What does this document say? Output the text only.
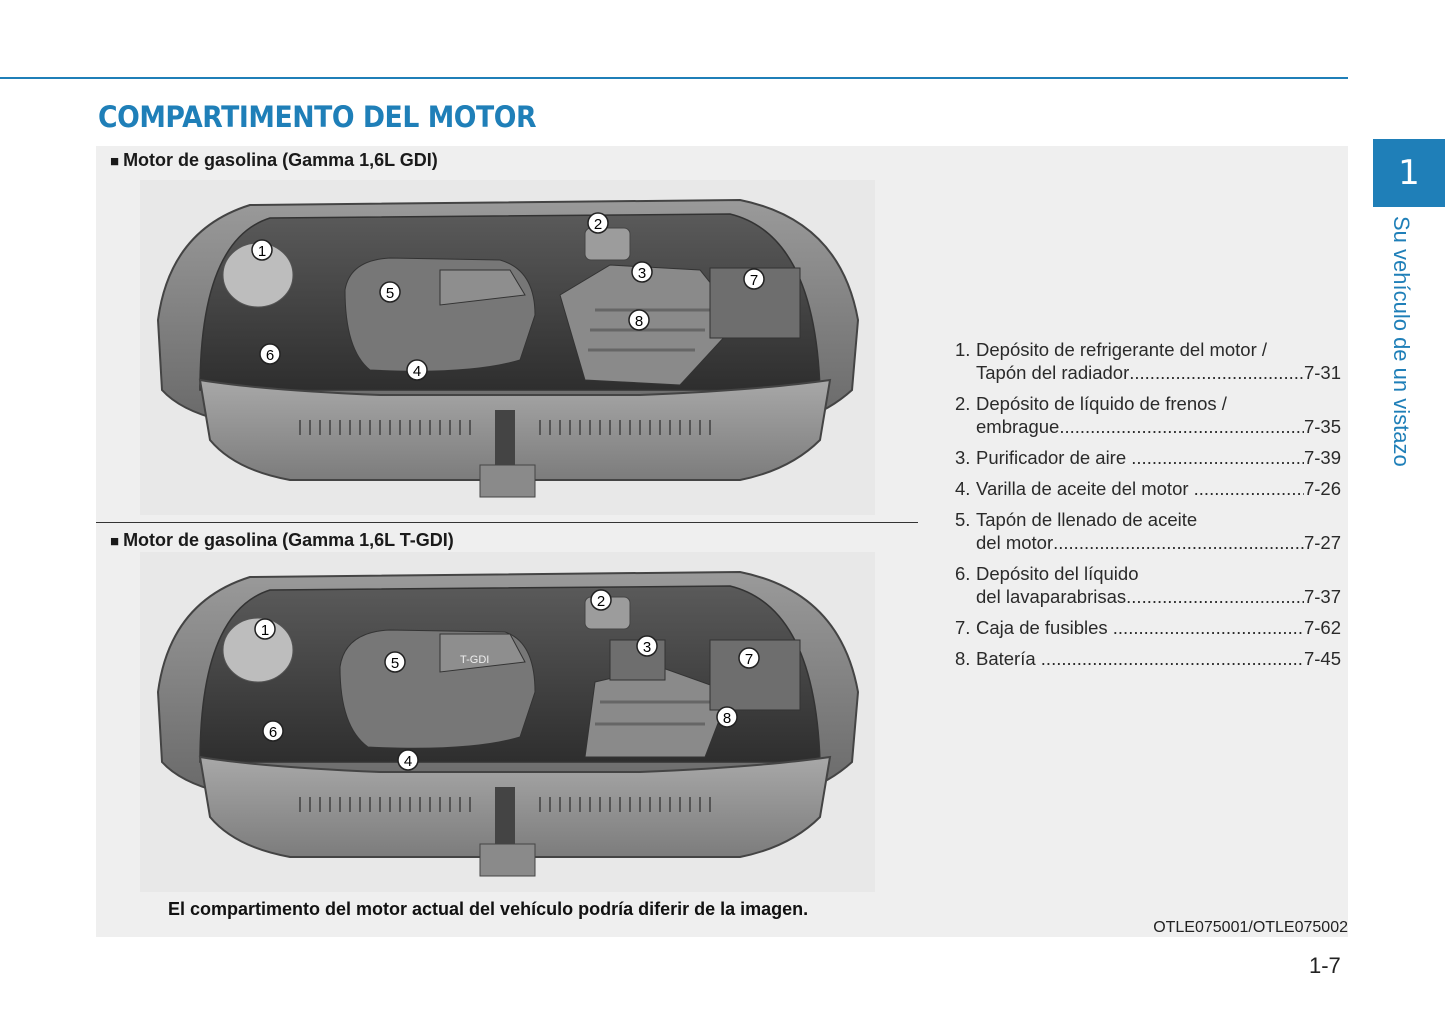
COMPARTIMENTO DEL MOTOR
■ Motor de gasolina (Gamma 1,6L GDI)
■ Motor de gasolina (Gamma 1,6L T-GDI)
1
2
3
4
5
6
7
8
T-GDI
1
2
3
4
5
6
7
8
El compartimento del motor actual del vehículo podría diferir de la imagen.
OTLE075001/OTLE075002
1. Depósito de refrigerante del motor /
Tapón del radiador .....	7-31
2. Depósito de líquido de frenos /
embrague .....	7-35
3. Purificador de aire .....	7-39
4. Varilla de aceite del motor .....	7-26
5. Tapón de llenado de aceite
del motor .....	7-27
6. Depósito del líquido
del lavaparabrisas .....	7-37
7. Caja de fusibles .....	7-62
8. Batería .....	7-45
1
Su vehículo de un vistazo
1-7
